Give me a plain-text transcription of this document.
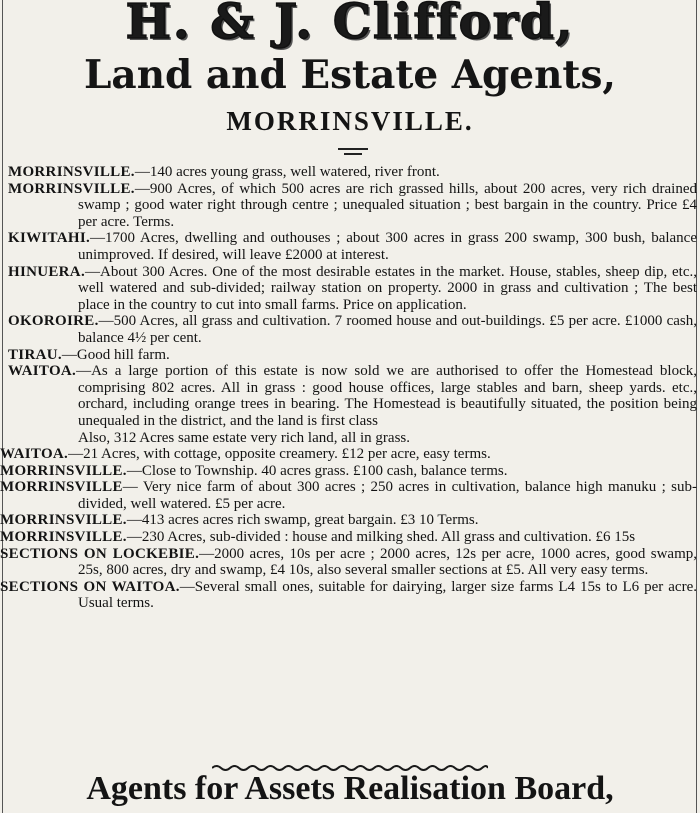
H. & J. Clifford,
Land and Estate Agents,
MORRINSVILLE.

MORRINSVILLE.—140 acres young grass, well watered, river front.

MORRINSVILLE.—900 Acres, of which 500 acres are rich grassed hills, about 200 acres, very rich drained swamp ; good water right through centre ; unequaled situation ; best bargain in the country. Price £4 per acre. Terms.

KIWITAHI.—1700 Acres, dwelling and outhouses ; about 300 acres in grass 200 swamp, 300 bush, balance unimproved. If desired, will leave £2000 at interest.

HINUERA.—About 300 Acres. One of the most desirable estates in the market. House, stables, sheep dip, etc., well watered and sub-divided; railway station on property. 2000 in grass and cultivation ; The best place in the country to cut into small farms. Price on application.

OKOROIRE.—500 Acres, all grass and cultivation. 7 roomed house and out-buildings. £5 per acre. £1000 cash, balance 4½ per cent.

TIRAU.—Good hill farm.

WAITOA.—As a large portion of this estate is now sold we are authorised to offer the Homestead block, comprising 802 acres. All in grass : good house offices, large stables and barn, sheep yards. etc., orchard, including orange trees in bearing. The Homestead is beautifully situated, the position being unequaled in the district, and the land is first class

Also, 312 Acres same estate very rich land, all in grass.

WAITOA.—21 Acres, with cottage, opposite creamery. £12 per acre, easy terms.

MORRINSVILLE.—Close to Township. 40 acres grass. £100 cash, balance terms.

MORRINSVILLE— Very nice farm of about 300 acres ; 250 acres in cultivation, balance high manuku ; sub-divided, well watered. £5 per acre.

MORRINSVILLE.—413 acres acres rich swamp, great bargain. £3 10 Terms.

MORRINSVILLE.—230 Acres, sub-divided : house and milking shed. All grass and cultivation. £6 15s

SECTIONS ON LOCKEBIE.—2000 acres, 10s per acre ; 2000 acres, 12s per acre, 1000 acres, good swamp, 25s, 800 acres, dry and swamp, £4 10s, also several smaller sections at £5. All very easy terms.

SECTIONS ON WAITOA.—Several small ones, suitable for dairying, larger size farms L4 15s to L6 per acre. Usual terms.

Agents for Assets Realisation Board,
